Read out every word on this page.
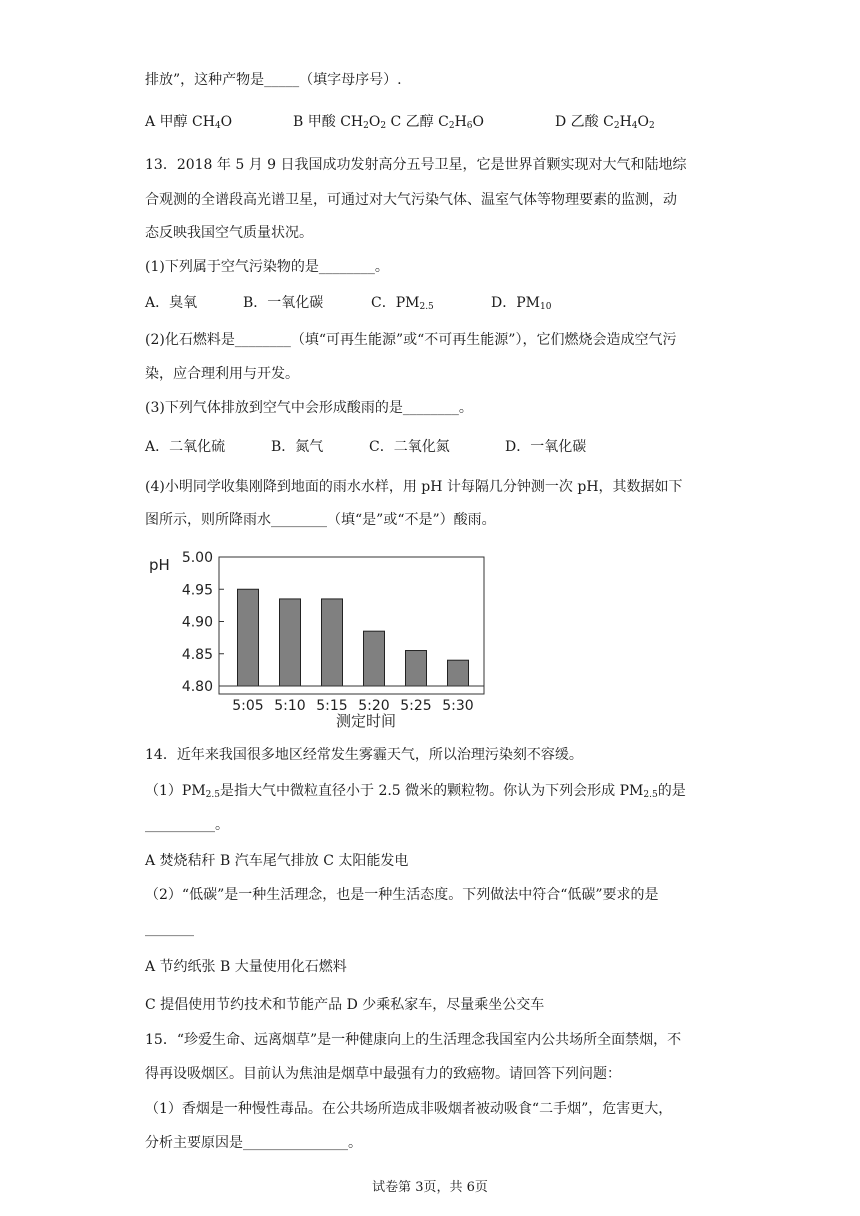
排放”，这种产物是_____（填字母序号）.
A 甲醇 $CH_4O$	B 甲酸 $CH_2O_2$ C 乙醇 $C_2H_6O$	D 乙酸 $C_2H_4O_2$
13．2018 年 5 月 9 日我国成功发射高分五号卫星，它是世界首颗实现对大气和陆地综
合观测的全谱段高光谱卫星，可通过对大气污染气体、温室气体等物理要素的监测，动
态反映我国空气质量状况。
(1)下列属于空气污染物的是________。
A．臭氧	B．一氧化碳	C．$PM_{2.5}$	D．$PM_{10}$
(2)化石燃料是________（填“可再生能源”或“不可再生能源”），它们燃烧会造成空气污
染，应合理利用与开发。
(3)下列气体排放到空气中会形成酸雨的是________。
A．二氧化硫	B．氮气	C．二氧化氮	D．一氧化碳
(4)小明同学收集刚降到地面的雨水水样，用 pH 计每隔几分钟测一次 pH，其数据如下
图所示，则所降雨水________（填“是”或“不是”）酸雨。
pH 5.00
4.95
4.90
4.85
4.80
5:05 5:10 5:15 5:20 5:25 5:30
测定时间
14．近年来我国很多地区经常发生雾霾天气，所以治理污染刻不容缓。
$(1)PM_{2.5}$是指大气中微粒直径小于 2.5 微米的颗粒物。你认为下列会形成 $PM_{2.5}$的是
__________。
A 焚烧秸秆 B 汽车尾气排放 C 太阳能发电
（2）“低碳”是一种生活理念，也是一种生活态度。下列做法中符合“低碳”要求的是
_______
A 节约纸张 B 大量使用化石燃料
C 提倡使用节约技术和节能产品 D 少乘私家车，尽量乘坐公交车
15．“珍爱生命、远离烟草”是一种健康向上的生活理念我国室内公共场所全面禁烟，不
得再设吸烟区。目前认为焦油是烟草中最强有力的致癌物。请回答下列问题：
（1）香烟是一种慢性毒品。在公共场所造成非吸烟者被动吸食“二手烟”，危害更大，
分析主要原因是_______________。
试卷第 3页，共 6页
